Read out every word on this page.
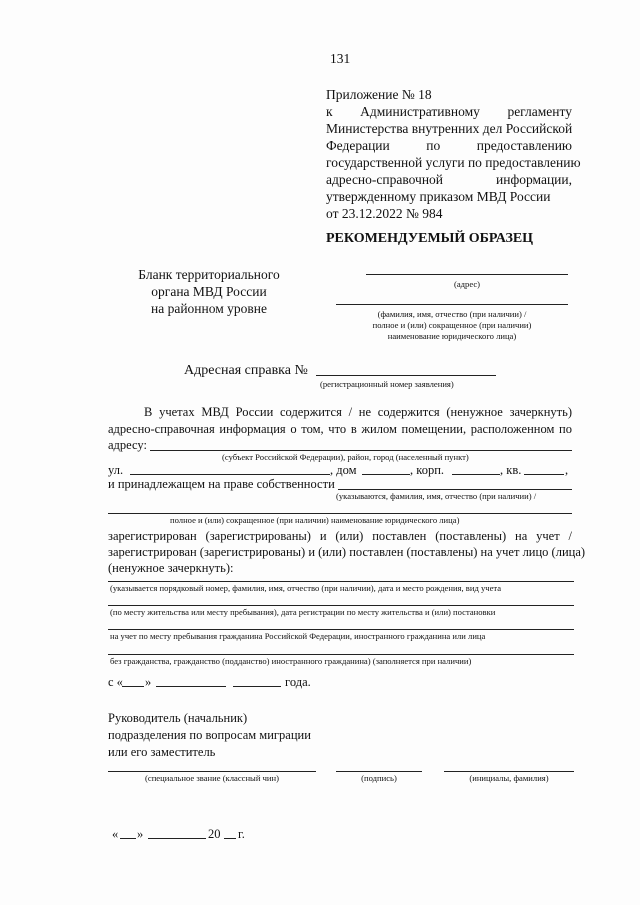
131
Приложение № 18
к Административному регламенту
Министерства внутренних дел Российской
Федерации по предоставлению
государственной услуги по предоставлению
адресно-справочной информации,
утвержденному приказом МВД России
от 23.12.2022 № 984
РЕКОМЕНДУЕМЫЙ ОБРАЗЕЦ
Бланк территориального
органа МВД России
на районном уровне
(адрес)
(фамилия, имя, отчество (при наличии) /
полное и (или) сокращенное (при наличии)
наименование юридического лица)
Адресная справка №
(регистрационный номер заявления)
В учетах МВД России содержится / не содержится (ненужное зачеркнуть)
адресно-справочная информация о том, что в жилом помещении, расположенном по
адресу:
(субъект Российской Федерации), район, город (населенный пункт)
ул.	, дом	, корп.	, кв.	,
и принадлежащем на праве собственности
(указываются, фамилия, имя, отчество (при наличии) /
полное и (или) сокращенное (при наличии) наименование юридического лица)
зарегистрирован (зарегистрированы) и (или) поставлен (поставлены) на учет /
зарегистрирован (зарегистрированы) и (или) поставлен (поставлены) на учет лицо (лица)
(ненужное зачеркнуть):
(указывается порядковый номер, фамилия, имя, отчество (при наличии), дата и место рождения, вид учета
(по месту жительства или месту пребывания), дата регистрации по месту жительства и (или) постановки
на учет по месту пребывания гражданина Российской Федерации, иностранного гражданина или лица
без гражданства, гражданство (подданство) иностранного гражданина) (заполняется при наличии)
с « »	года.
Руководитель (начальник)
подразделения по вопросам миграции
или его заместитель
(специальное звание (классный чин)	(подпись)	(инициалы, фамилия)
« »	20 г.
